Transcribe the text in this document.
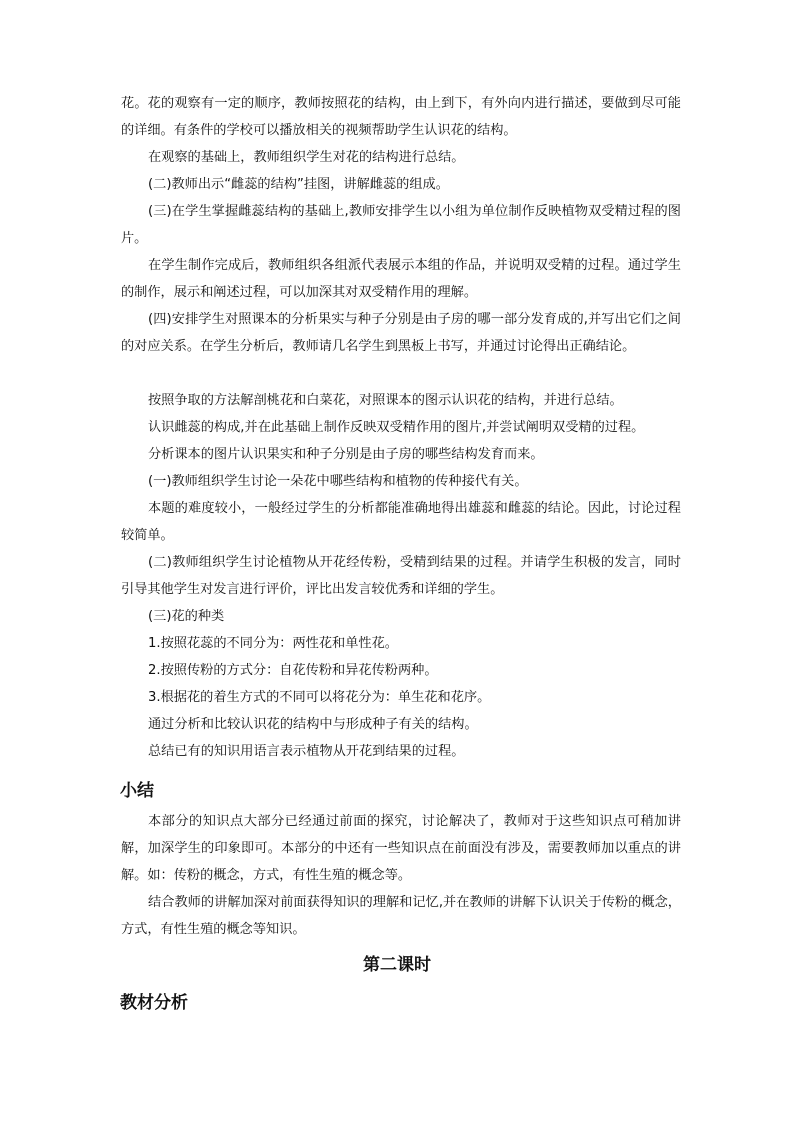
花。花的观察有一定的顺序，教师按照花的结构，由上到下，有外向内进行描述，要做到尽可能的详细。有条件的学校可以播放相关的视频帮助学生认识花的结构。

在观察的基础上，教师组织学生对花的结构进行总结。

(二)教师出示“雌蕊的结构”挂图，讲解雌蕊的组成。

(三)在学生掌握雌蕊结构的基础上,教师安排学生以小组为单位制作反映植物双受精过程的图片。

在学生制作完成后，教师组织各组派代表展示本组的作品，并说明双受精的过程。通过学生的制作，展示和阐述过程，可以加深其对双受精作用的理解。

(四)安排学生对照课本的分析果实与种子分别是由子房的哪一部分发育成的,并写出它们之间的对应关系。在学生分析后，教师请几名学生到黑板上书写，并通过讨论得出正确结论。

按照争取的方法解剖桃花和白菜花，对照课本的图示认识花的结构，并进行总结。

认识雌蕊的构成,并在此基础上制作反映双受精作用的图片,并尝试阐明双受精的过程。

分析课本的图片认识果实和种子分别是由子房的哪些结构发育而来。

(一)教师组织学生讨论一朵花中哪些结构和植物的传种接代有关。

本题的难度较小，一般经过学生的分析都能准确地得出雄蕊和雌蕊的结论。因此，讨论过程较简单。

(二)教师组织学生讨论植物从开花经传粉，受精到结果的过程。并请学生积极的发言，同时引导其他学生对发言进行评价，评比出发言较优秀和详细的学生。

(三)花的种类

1.按照花蕊的不同分为：两性花和单性花。

2.按照传粉的方式分：自花传粉和异花传粉两种。

3.根据花的着生方式的不同可以将花分为：单生花和花序。

通过分析和比较认识花的结构中与形成种子有关的结构。

总结已有的知识用语言表示植物从开花到结果的过程。

小结

本部分的知识点大部分已经通过前面的探究，讨论解决了，教师对于这些知识点可稍加讲解，加深学生的印象即可。本部分的中还有一些知识点在前面没有涉及，需要教师加以重点的讲解。如：传粉的概念，方式，有性生殖的概念等。

结合教师的讲解加深对前面获得知识的理解和记忆,并在教师的讲解下认识关于传粉的概念，方式，有性生殖的概念等知识。

第二课时
教材分析
